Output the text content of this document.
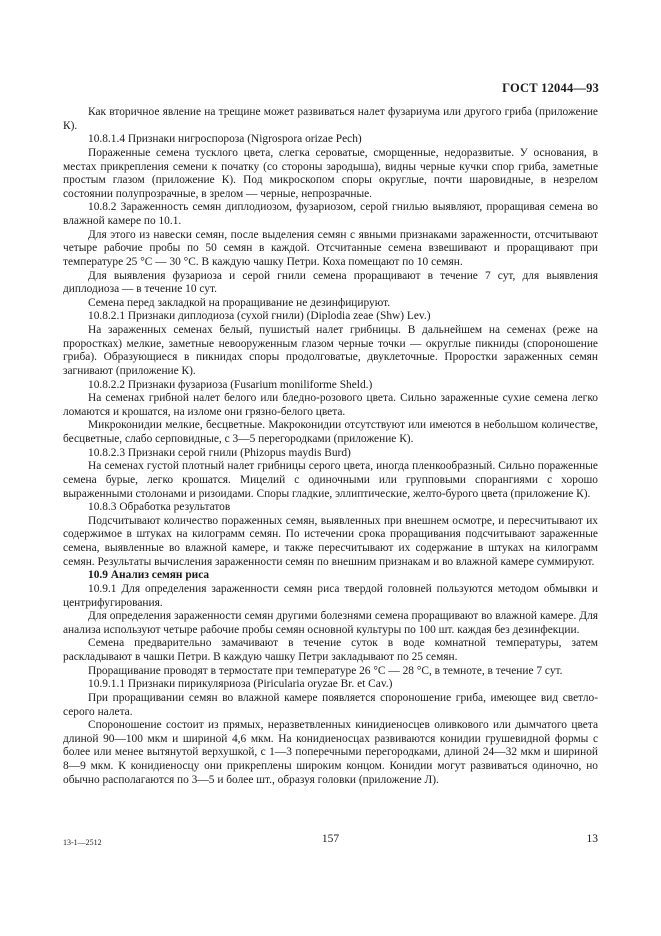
ГОСТ 12044—93

Как вторичное явление на трещине может развиваться налет фузариума или другого гриба (приложение К).

10.8.1.4 Признаки нигроспороза (Nigrospora orizae Pech)

Пораженные семена тусклого цвета, слегка сероватые, сморщенные, недоразвитые. У основания, в местах прикрепления семени к початку (со стороны зародыша), видны черные кучки спор гриба, заметные простым глазом (приложение К). Под микроскопом споры округлые, почти шаровидные, в незрелом состоянии полупрозрачные, в зрелом — черные, непрозрачные.

10.8.2 Зараженность семян диплодиозом, фузариозом, серой гнилью выявляют, проращивая семена во влажной камере по 10.1.

Для этого из навески семян, после выделения семян с явными признаками зараженности, отсчитывают четыре рабочие пробы по 50 семян в каждой. Отсчитанные семена взвешивают и проращивают при температуре 25 °С — 30 °С. В каждую чашку Петри. Коха помещают по 10 семян.

Для выявления фузариоза и серой гнили семена проращивают в течение 7 сут, для выявления диплодиоза — в течение 10 сут.

Семена перед закладкой на проращивание не дезинфицируют.

10.8.2.1 Признаки диплодиоза (сухой гнили) (Diplodia zeae (Shw) Lev.)

На зараженных семенах белый, пушистый налет грибницы. В дальнейшем на семенах (реже на проростках) мелкие, заметные невооруженным глазом черные точки — округлые пикниды (спороношение гриба). Образующиеся в пикнидах споры продолговатые, двуклеточные. Проростки зараженных семян загнивают (приложение К).

10.8.2.2 Признаки фузариоза (Fusarium moniliforme Sheld.)

На семенах грибной налет белого или бледно-розового цвета. Сильно зараженные сухие семена легко ломаются и крошатся, на изломе они грязно-белого цвета.

Микроконидии мелкие, бесцветные. Макроконидии отсутствуют или имеются в небольшом количестве, бесцветные, слабо серповидные, с 3—5 перегородками (приложение К).

10.8.2.3 Признаки серой гнили (Phizopus maydis Burd)

На семенах густой плотный налет грибницы серого цвета, иногда пленкообразный. Сильно пораженные семена бурые, легко крошатся. Мицелий с одиночными или групповыми спорангиями с хорошо выраженными столонами и ризоидами. Споры гладкие, эллиптические, желто-бурого цвета (приложение К).

10.8.3 Обработка результатов

Подсчитывают количество пораженных семян, выявленных при внешнем осмотре, и пересчитывают их содержимое в штуках на килограмм семян. По истечении срока проращивания подсчитывают зараженные семена, выявленные во влажной камере, и также пересчитывают их содержание в штуках на килограмм семян. Результаты вычисления зараженности семян по внешним признакам и во влажной камере суммируют.

10.9 Анализ семян риса

10.9.1 Для определения зараженности семян риса твердой головней пользуются методом обмывки и центрифугирования.

Для определения зараженности семян другими болезнями семена проращивают во влажной камере. Для анализа используют четыре рабочие пробы семян основной культуры по 100 шт. каждая без дезинфекции.

Семена предварительно замачивают в течение суток в воде комнатной температуры, затем раскладывают в чашки Петри. В каждую чашку Петри закладывают по 25 семян.

Проращивание проводят в термостате при температуре 26 °С — 28 °С, в темноте, в течение 7 сут.

10.9.1.1 Признаки пирикуляриоза (Piricularia oryzae Br. et Cav.)

При проращивании семян во влажной камере появляется спороношение гриба, имеющее вид светло-серого налета.

Спороношение состоит из прямых, неразветвленных кинидиеносцев оливкового или дымчатого цвета длиной 90—100 мкм и шириной 4,6 мкм. На конидиеносцах развиваются конидии грушевидной формы с более или менее вытянутой верхушкой, с 1—3 поперечными перегородками, длиной 24—32 мкм и шириной 8—9 мкм. К конидиеносцу они прикреплены широким концом. Конидии могут развиваться одиночно, но обычно располагаются по 3—5 и более шт., образуя головки (приложение Л).

13-1—2512	157	13
